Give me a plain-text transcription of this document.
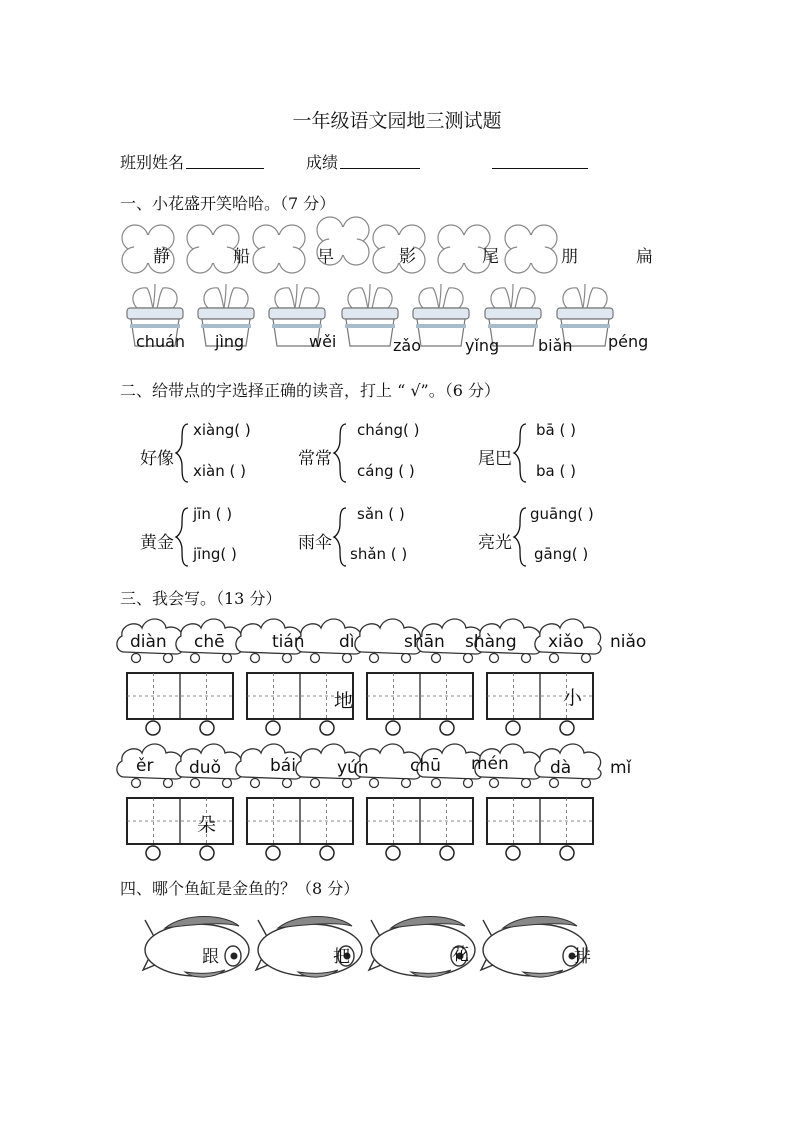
一年级语文园地三测试题
班别 姓名	成绩
一、小花盛开笑哈哈。（7 分）
静	船	早	影	尾	朋	扁
chuán jìng	wěi	zǎo	yǐng biǎn péng
二、给带点的字选择正确的读音，打上 “ √”。（6 分）
好像
xiàng( )
xiàn ( )
常常
cháng( )
cáng ( )
尾巴
bā ( )
ba ( )
黄金
jīn ( )
jīng( )
雨伞
sǎn ( )
shǎn ( )
亮光
guāng( )
gāng( )
三、我会写。（13 分）
diàn chē	tián dì	shān shàng xiǎo niǎo
地	小
ěr duǒ	bái yún chū mén dà mǐ
朵
四、哪个鱼缸是金鱼的？（8 分）
跟	把	花	排
